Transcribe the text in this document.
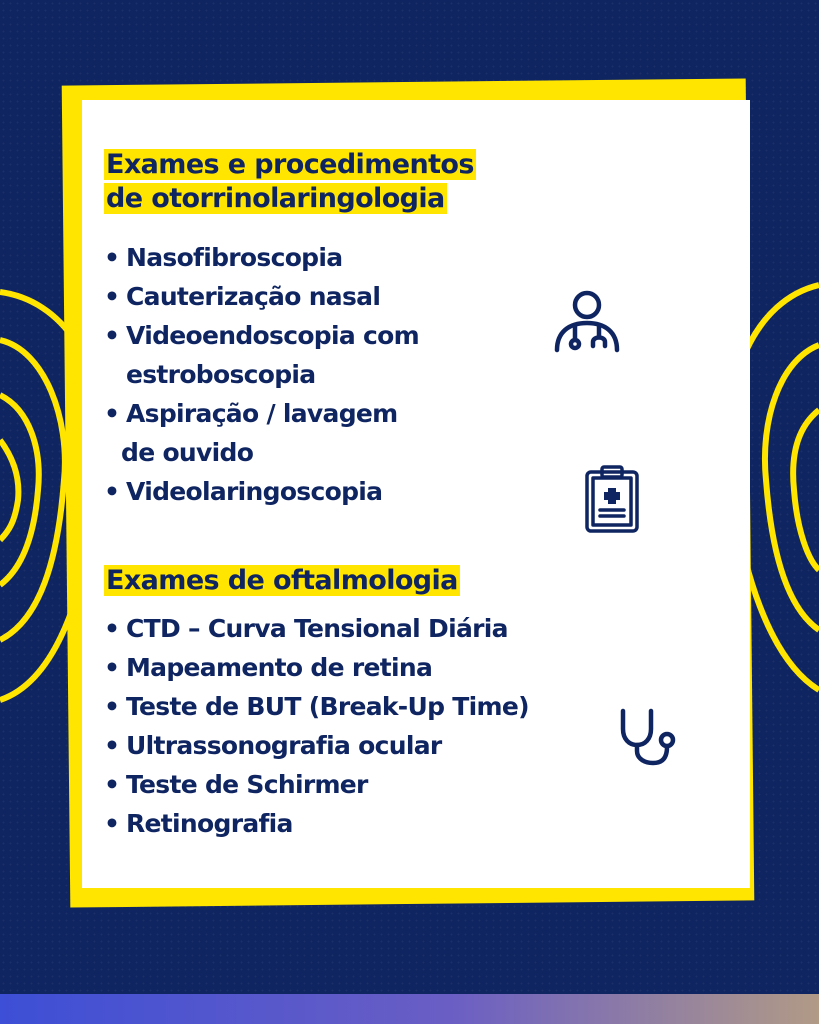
Exames e procedimentos
de otorrinolaringologia
• Nasofibroscopia
• Cauterização nasal
• Videoendoscopia com
estroboscopia
• Aspiração / lavagem
de ouvido
• Videolaringoscopia
Exames de oftalmologia
• CTD – Curva Tensional Diária
• Mapeamento de retina
• Teste de BUT (Break-Up Time)
• Ultrassonografia ocular
• Teste de Schirmer
• Retinografia
